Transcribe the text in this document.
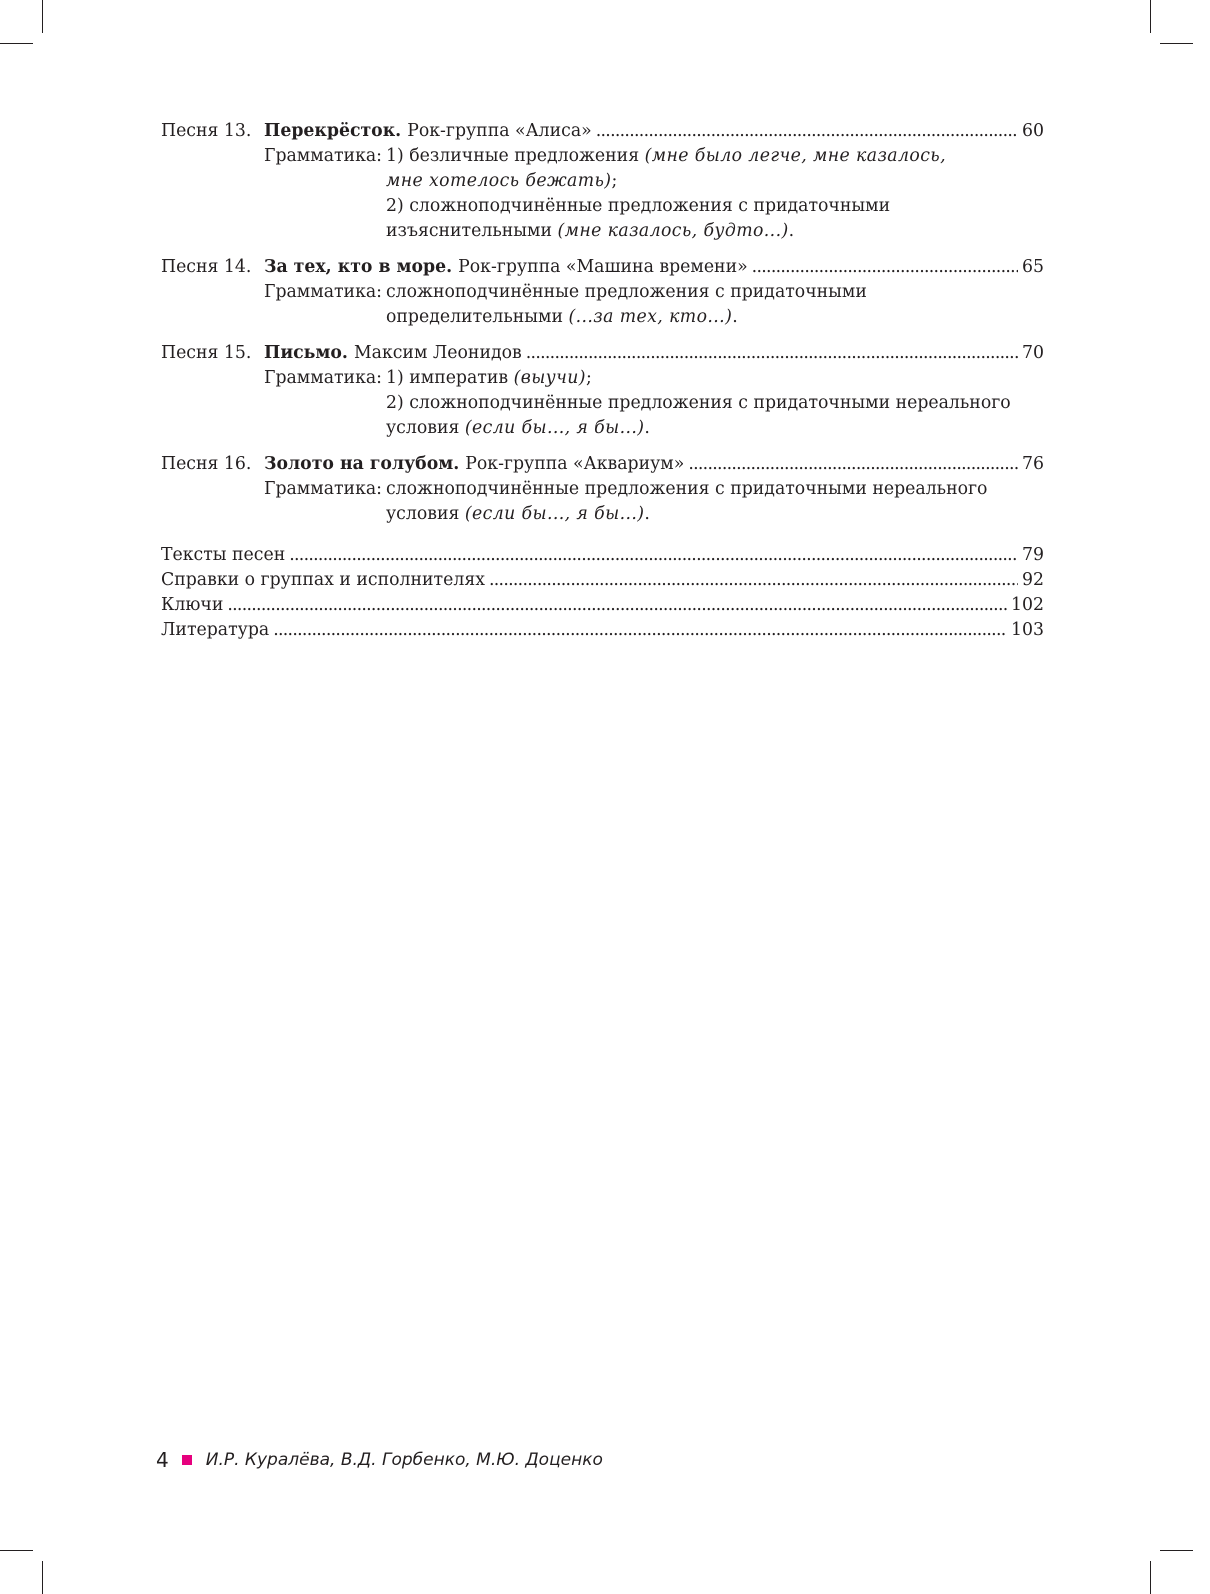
Песня 13. Перекрёсток. Рок-группа «Алиса» . . .	60
Грамматика: 1) безличные предложения (мне было легче, мне казалось,
мне хотелось бежать);
2) сложноподчинённые предложения с придаточными
изъяснительными (мне казалось, будто...).
Песня 14. За тех, кто в море. Рок-группа «Машина времени» . . .	65
Грамматика: сложноподчинённые предложения с придаточными
определительными (...за тех, кто...).
Песня 15. Письмо. Максим Леонидов . . .	70
Грамматика: 1) императив (выучи);
2) сложноподчинённые предложения с придаточными нереального
условия (если бы..., я бы...).
Песня 16. Золото на голубом. Рок-группа «Аквариум» . . .	76
Грамматика: сложноподчинённые предложения с придаточными нереального
условия (если бы..., я бы...).
Тексты песен . . .	79
Справки о группах и исполнителях . . .	92
Ключи . . .	102
Литература . . .	103
4 И.Р. Куралёва, В.Д. Горбенко, М.Ю. Доценко
